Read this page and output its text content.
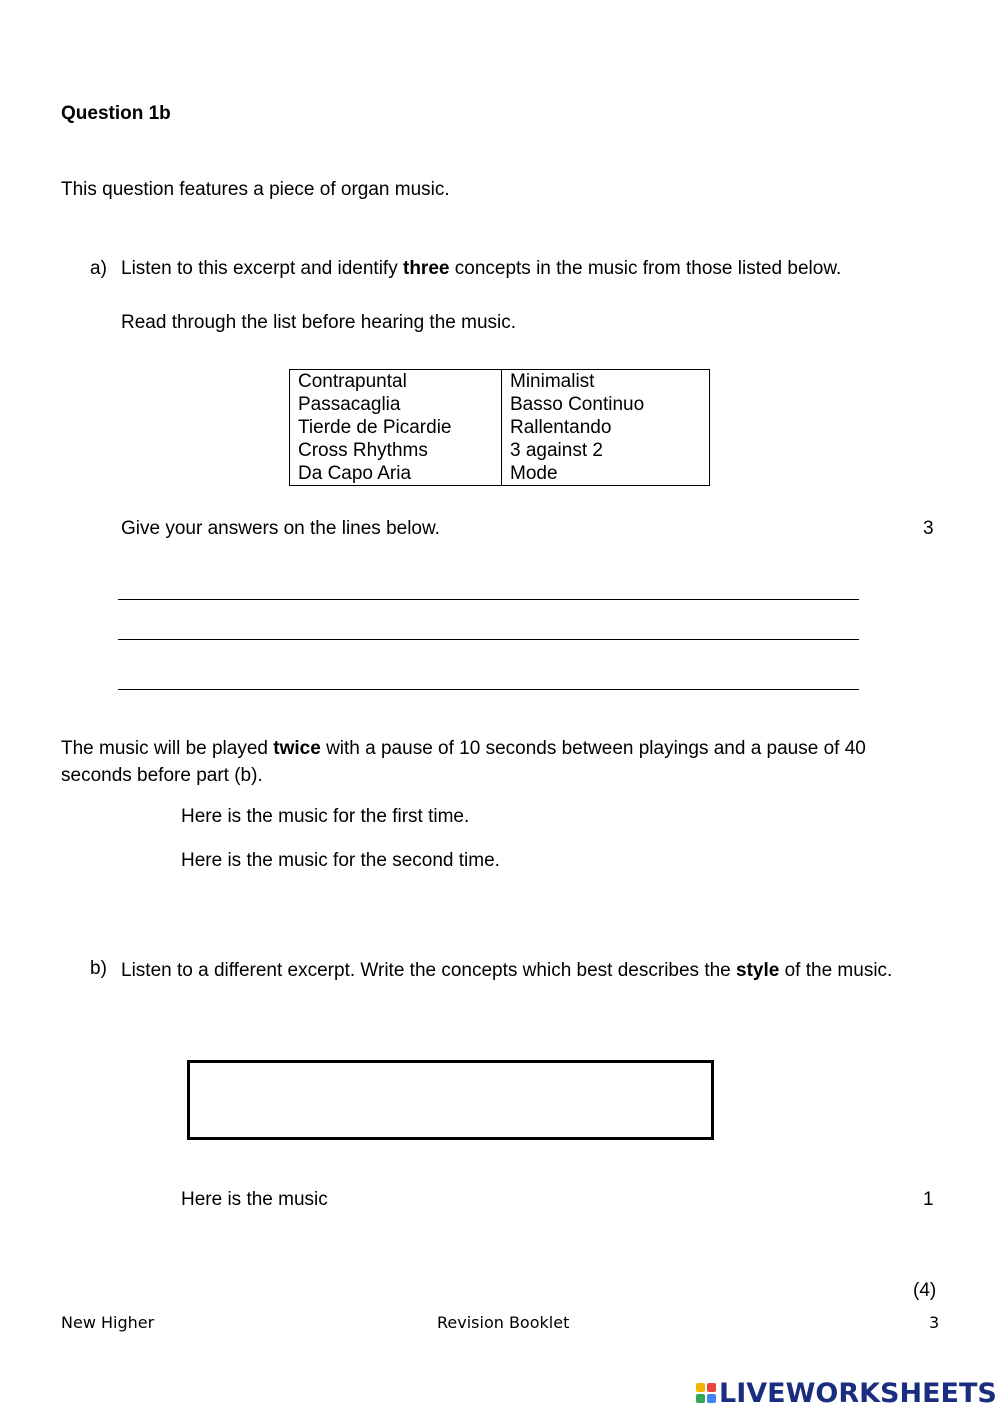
Question 1b
This question features a piece of organ music.
a) Listen to this excerpt and identify three concepts in the music from those listed below.
Read through the list before hearing the music.
Contrapuntal	Minimalist
Passacaglia	Basso Continuo
Tierde de Picardie	Rallentando
Cross Rhythms	3 against 2
Da Capo Aria	Mode
Give your answers on the lines below.	3
The music will be played twice with a pause of 10 seconds between playings and a pause of 40 seconds before part (b).
Here is the music for the first time.
Here is the music for the second time.
b) Listen to a different excerpt. Write the concepts which best describes the style of the music.
Here is the music	1
(4)
New Higher	Revision Booklet	3
LIVEWORKSHEETS
